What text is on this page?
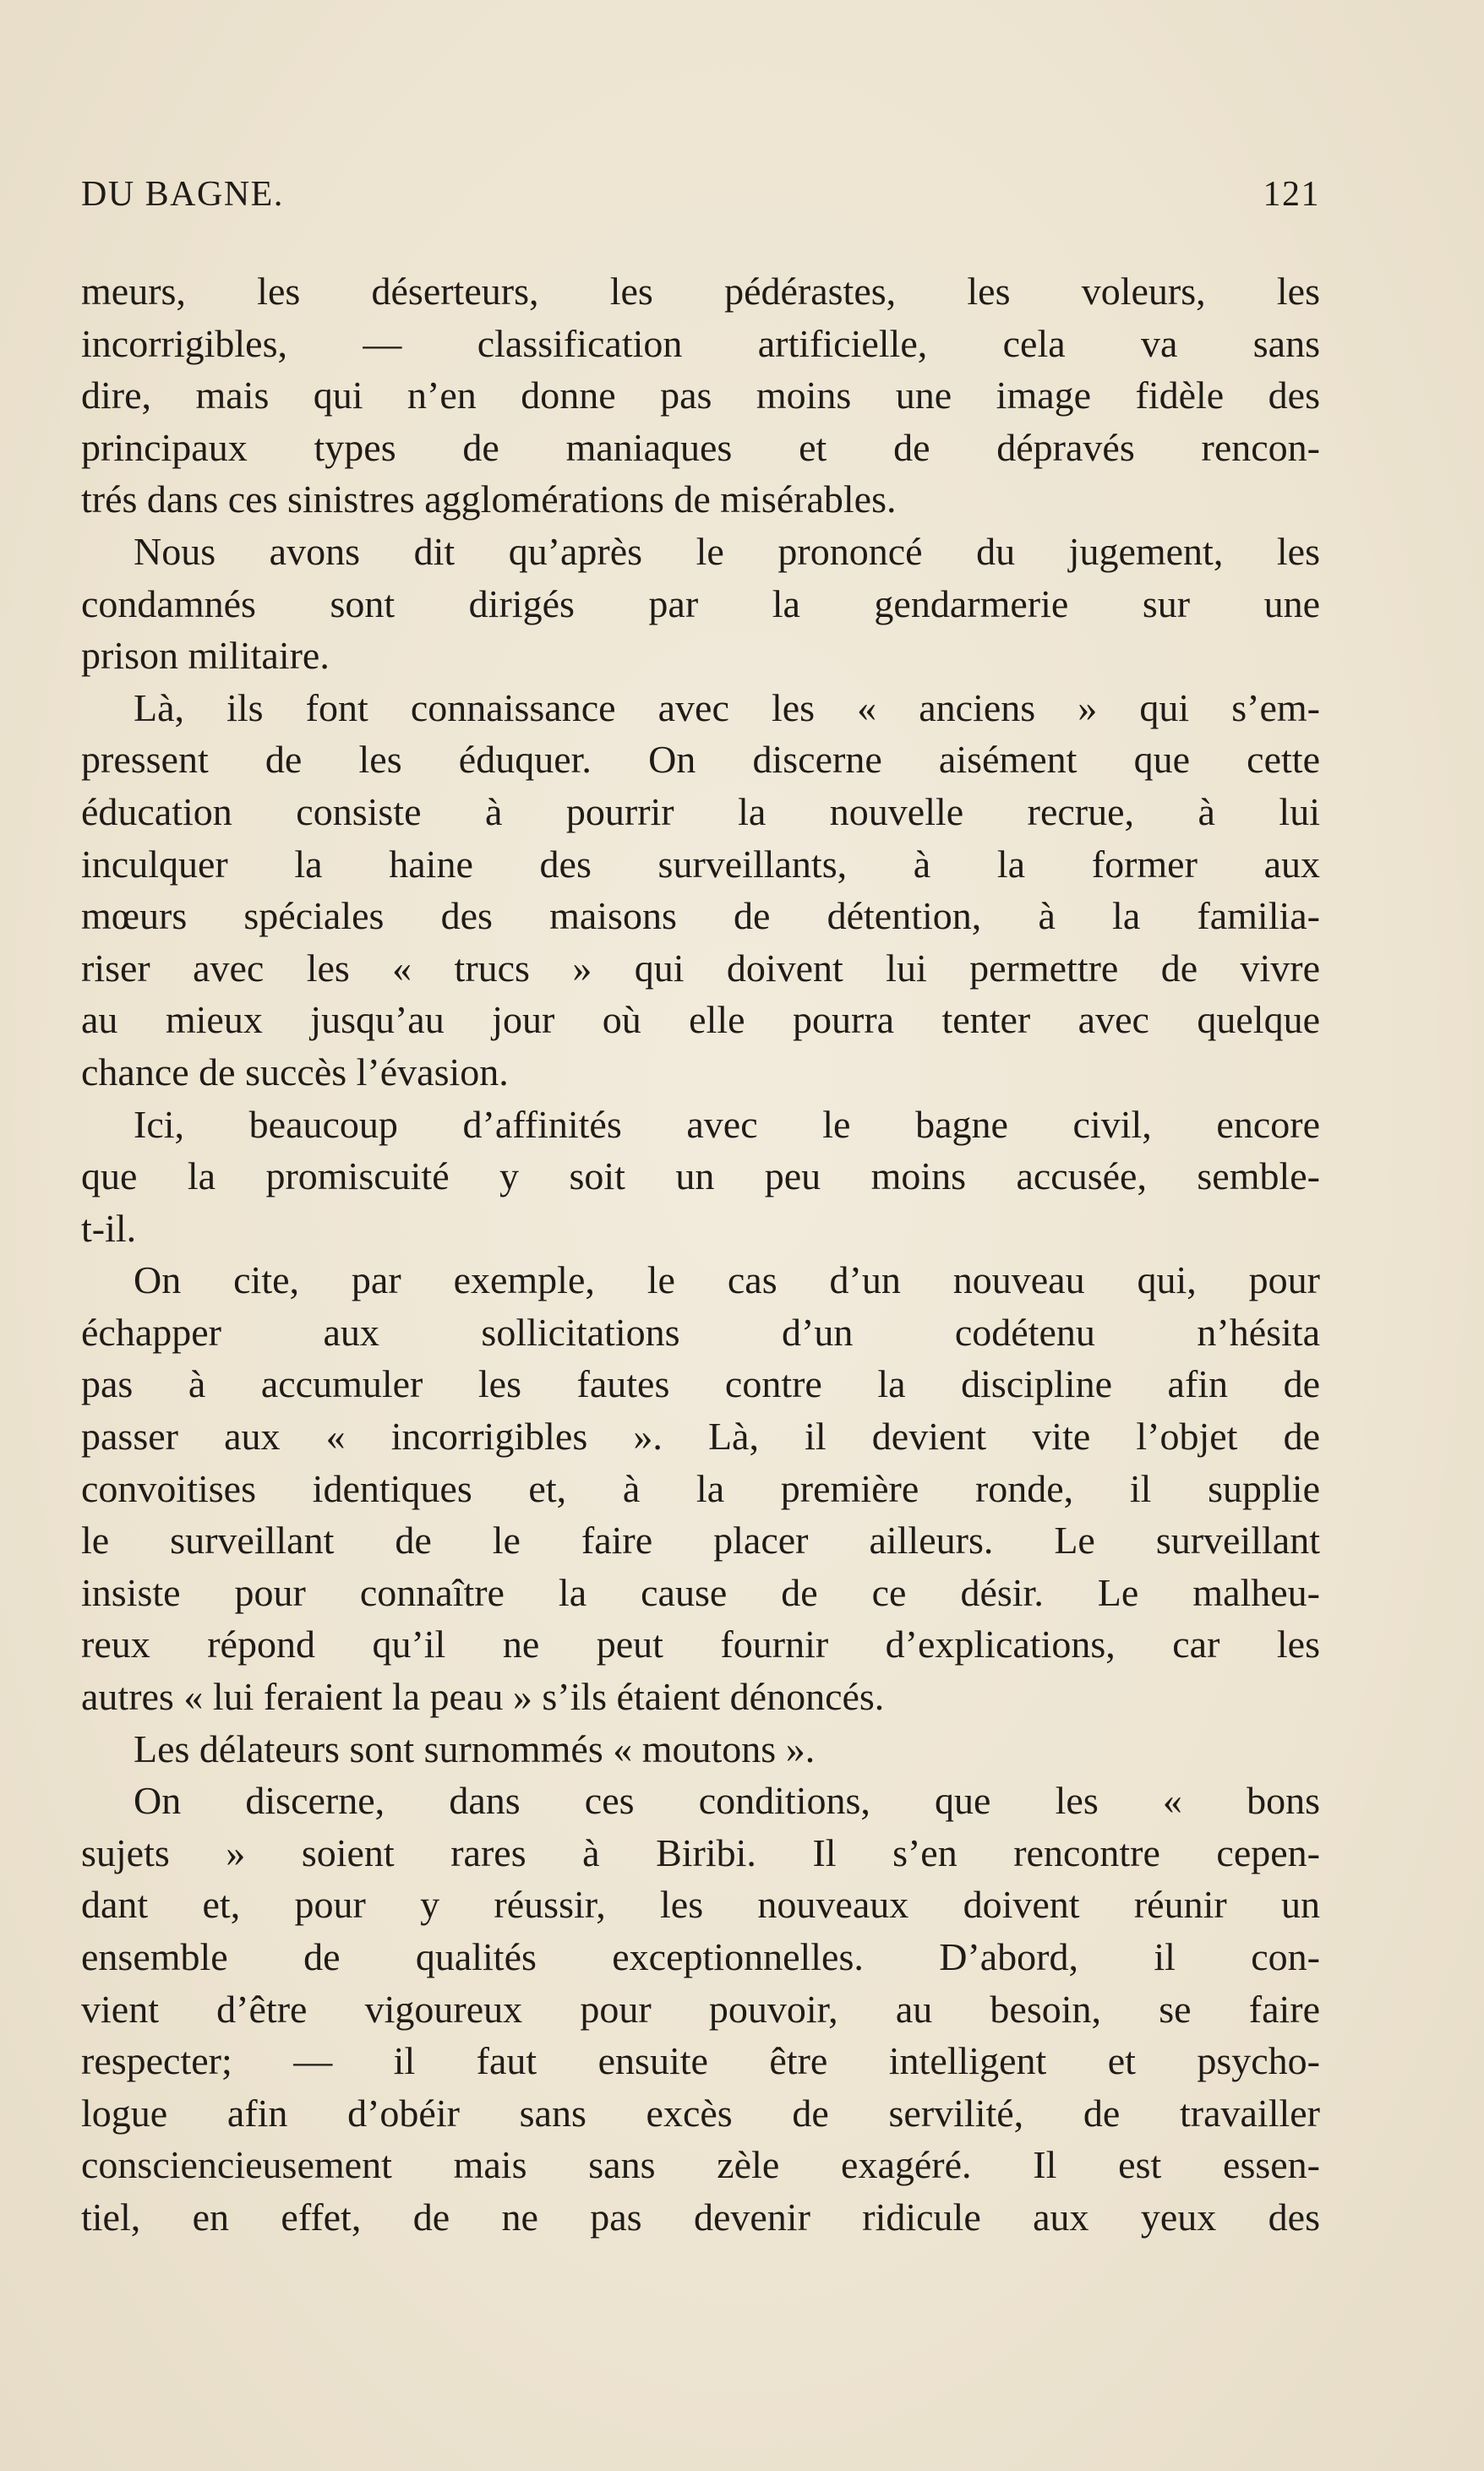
DU BAGNE.	121
meurs, les déserteurs, les pédérastes, les voleurs, les
incorrigibles, — classification artificielle, cela va sans
dire, mais qui n’en donne pas moins une image fidèle des
principaux types de maniaques et de dépravés rencon-
trés dans ces sinistres agglomérations de misérables.
Nous avons dit qu’après le prononcé du jugement, les
condamnés sont dirigés par la gendarmerie sur une
prison militaire.
Là, ils font connaissance avec les « anciens » qui s’em-
pressent de les éduquer. On discerne aisément que cette
éducation consiste à pourrir la nouvelle recrue, à lui
inculquer la haine des surveillants, à la former aux
mœurs spéciales des maisons de détention, à la familia-
riser avec les « trucs » qui doivent lui permettre de vivre
au mieux jusqu’au jour où elle pourra tenter avec quelque
chance de succès l’évasion.
Ici, beaucoup d’affinités avec le bagne civil, encore
que la promiscuité y soit un peu moins accusée, semble-
t-il.
On cite, par exemple, le cas d’un nouveau qui, pour
échapper aux sollicitations d’un codétenu n’hésita
pas à accumuler les fautes contre la discipline afin de
passer aux « incorrigibles ». Là, il devient vite l’objet de
convoitises identiques et, à la première ronde, il supplie
le surveillant de le faire placer ailleurs. Le surveillant
insiste pour connaître la cause de ce désir. Le malheu-
reux répond qu’il ne peut fournir d’explications, car les
autres « lui feraient la peau » s’ils étaient dénoncés.
Les délateurs sont surnommés « moutons ».
On discerne, dans ces conditions, que les « bons
sujets » soient rares à Biribi. Il s’en rencontre cepen-
dant et, pour y réussir, les nouveaux doivent réunir un
ensemble de qualités exceptionnelles. D’abord, il con-
vient d’être vigoureux pour pouvoir, au besoin, se faire
respecter; — il faut ensuite être intelligent et psycho-
logue afin d’obéir sans excès de servilité, de travailler
consciencieusement mais sans zèle exagéré. Il est essen-
tiel, en effet, de ne pas devenir ridicule aux yeux des
